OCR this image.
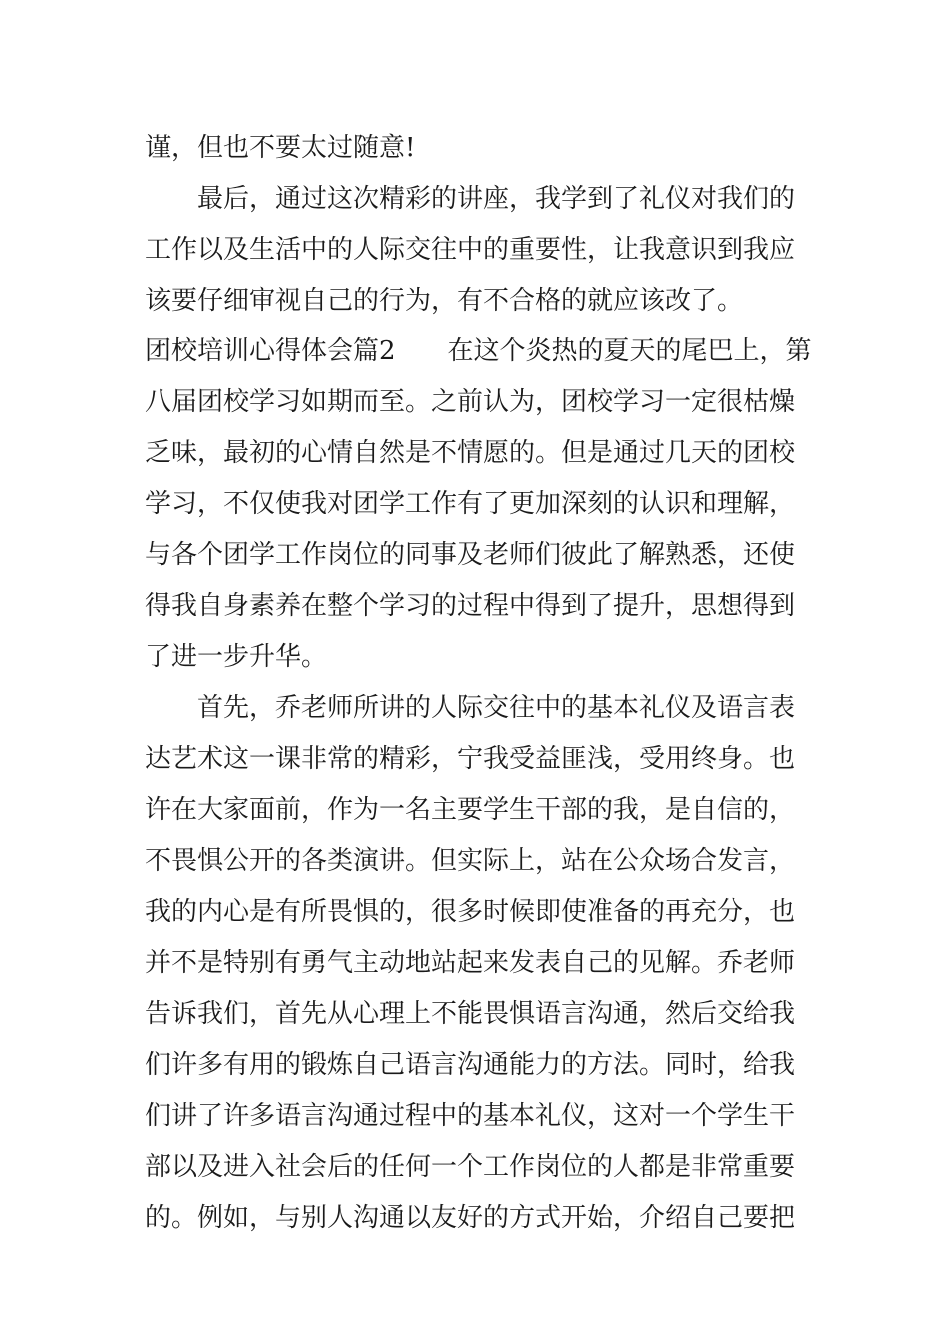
谨，但也不要太过随意!
最后，通过这次精彩的讲座，我学到了礼仪对我们的
工作以及生活中的人际交往中的重要性，让我意识到我应
该要仔细审视自己的行为，有不合格的就应该改了。
团校培训心得体会篇2　　在这个炎热的夏天的尾巴上，第
八届团校学习如期而至。之前认为，团校学习一定很枯燥
乏味，最初的心情自然是不情愿的。但是通过几天的团校
学习，不仅使我对团学工作有了更加深刻的认识和理解，
与各个团学工作岗位的同事及老师们彼此了解熟悉，还使
得我自身素养在整个学习的过程中得到了提升，思想得到
了进一步升华。
首先，乔老师所讲的人际交往中的基本礼仪及语言表
达艺术这一课非常的精彩，宁我受益匪浅，受用终身。也
许在大家面前，作为一名主要学生干部的我，是自信的，
不畏惧公开的各类演讲。但实际上，站在公众场合发言，
我的内心是有所畏惧的，很多时候即使准备的再充分，也
并不是特别有勇气主动地站起来发表自己的见解。乔老师
告诉我们，首先从心理上不能畏惧语言沟通，然后交给我
们许多有用的锻炼自己语言沟通能力的方法。同时，给我
们讲了许多语言沟通过程中的基本礼仪，这对一个学生干
部以及进入社会后的任何一个工作岗位的人都是非常重要
的。例如，与别人沟通以友好的方式开始，介绍自己要把
